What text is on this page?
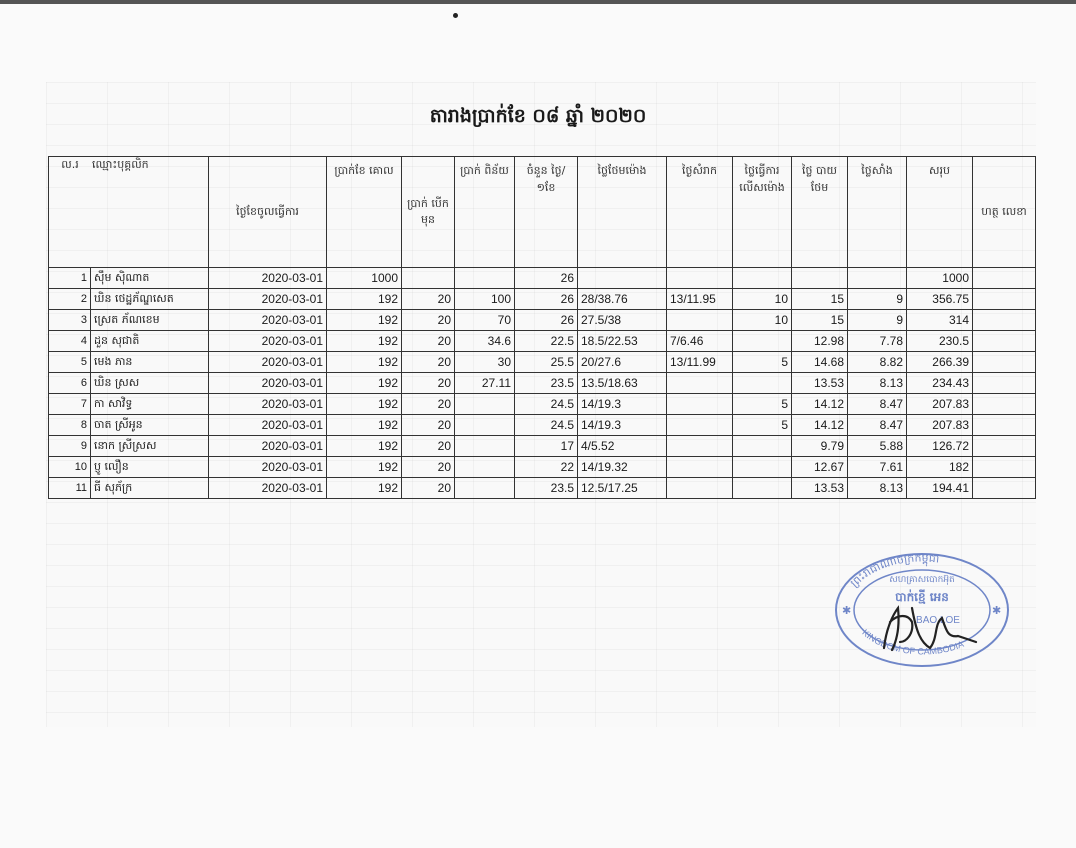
តារាងប្រាក់ខែ ០៨ ឆ្នាំ ២០២០
ល.រ ឈ្មោះបុគ្គលិក		ថ្ងៃខែចូលធ្វើការ	ប្រាក់ខែ គោល	ប្រាក់ បើកមុន	ប្រាក់ ពិន័យ	ចំនួន ថ្ងៃ/១ខែ	ថ្លៃថែមម៉ោង	ថ្ងៃសំរាក	ថ្លៃធ្វើការ លើសម៉ោង	ថ្លៃ បាយ ថែម	ថ្លៃសាំង	សរុប	ហត្ថ លេខា
1	ស៊ឹម ស៊ិណាត	2020-03-01	1000			26						1000	
2	ឃិន ថេដ្ឋភ័ណ្ឌសេត	2020-03-01	192	20	100	26	28/38.76	13/11.95	10	15	9	356.75	
3	ស្រេត ភ័ណខេម	2020-03-01	192	20	70	26	27.5/38		10	15	9	314	
4	ដួន សុជាតិ	2020-03-01	192	20	34.6	22.5	18.5/22.53	7/6.46		12.98	7.78	230.5	
5	មេង ភាន	2020-03-01	192	20	30	25.5	20/27.6	13/11.99	5	14.68	8.82	266.39	
6	ឃិន ស្រស	2020-03-01	192	20	27.11	23.5	13.5/18.63			13.53	8.13	234.43	
7	កា សាវិទ្ធ	2020-03-01	192	20		24.5	14/19.3		5	14.12	8.47	207.83	
8	ចាត ស្រីអូន	2020-03-01	192	20		24.5	14/19.3		5	14.12	8.47	207.83	
9	នោក ស្រីស្រស	2020-03-01	192	20		17	4/5.52			9.79	5.88	126.72	
10	ប្ញូ លឿន	2020-03-01	192	20		22	14/19.32			12.67	7.61	182	
11	ធី សុភ័ក្រ	2020-03-01	192	20		23.5	12.5/17.25			13.53	8.13	194.41	
ព្រះរាជាណាចក្រកម្ពុជា
KINGDOM OF CAMBODIA
សហគ្រាសបោកអ៊ុត
បាក់ខ្មើ អេន
BAO LOE
✱	✱
